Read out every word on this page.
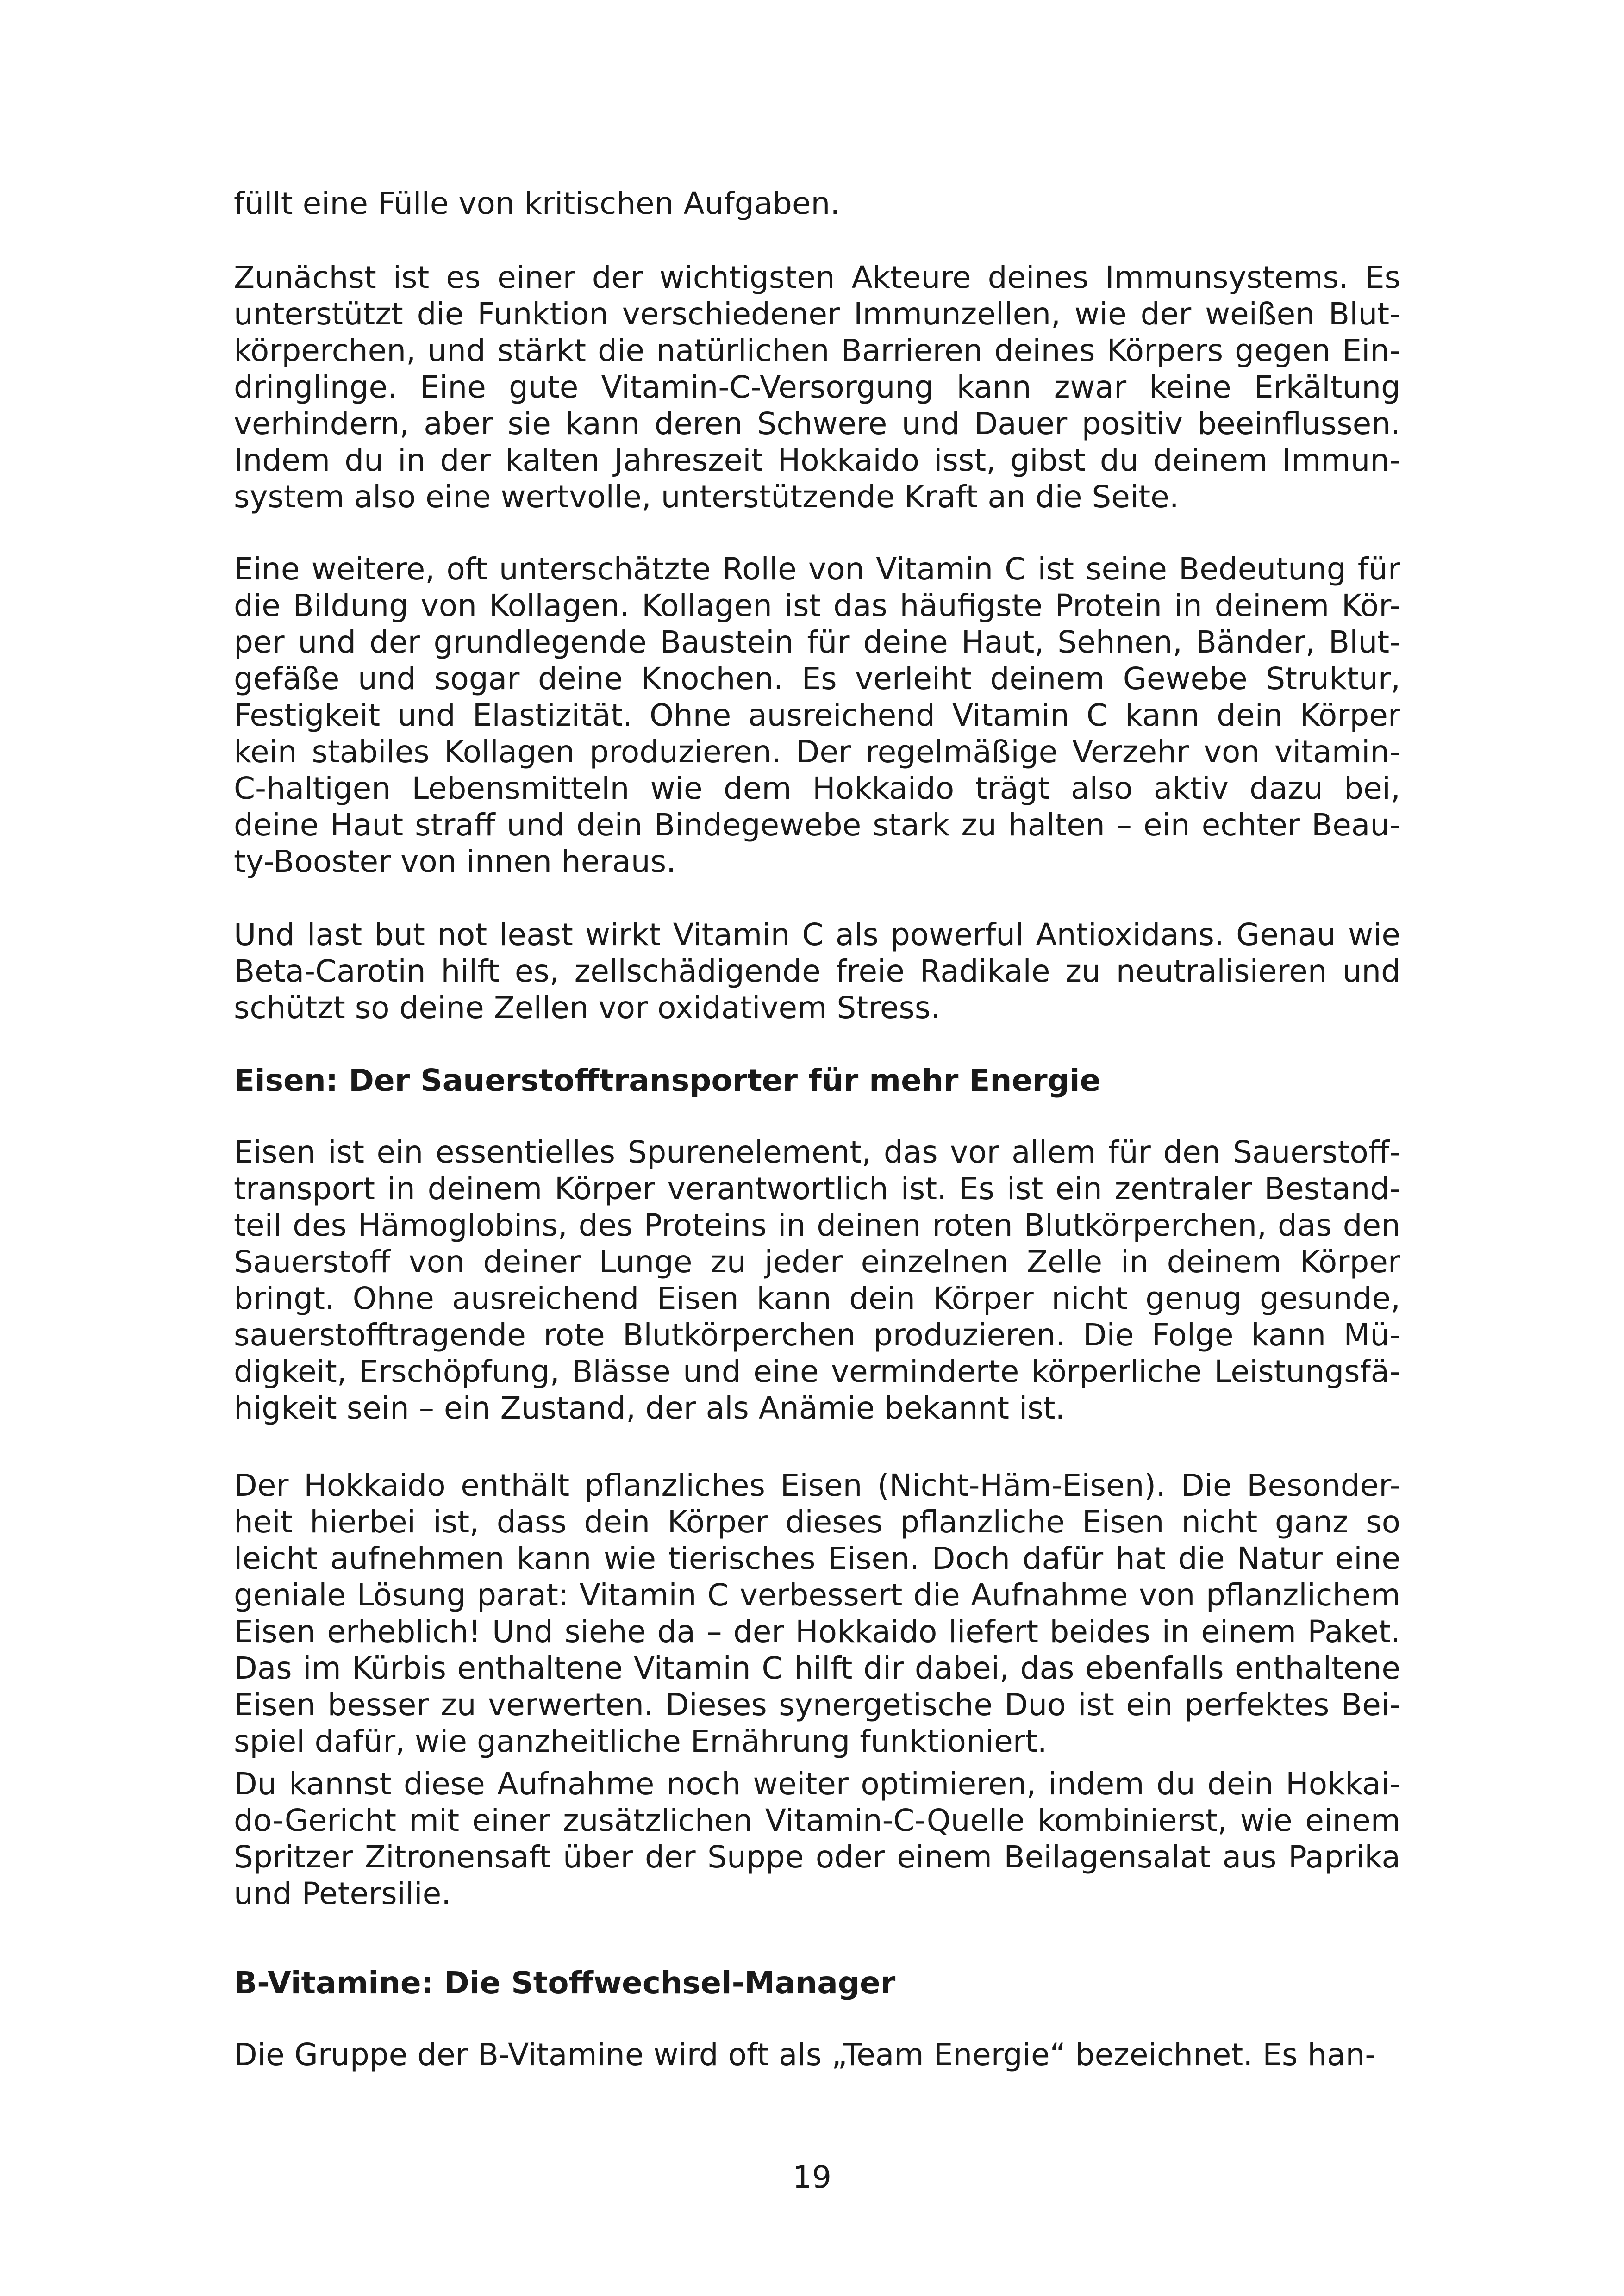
füllt eine Fülle von kritischen Aufgaben.
Zunächst ist es einer der wichtigsten Akteure deines Immunsystems. Es
unterstützt die Funktion verschiedener Immunzellen, wie der weißen Blut-
körperchen, und stärkt die natürlichen Barrieren deines Körpers gegen Ein-
dringlinge. Eine gute Vitamin-C-Versorgung kann zwar keine Erkältung
verhindern, aber sie kann deren Schwere und Dauer positiv beeinflussen.
Indem du in der kalten Jahreszeit Hokkaido isst, gibst du deinem Immun-
system also eine wertvolle, unterstützende Kraft an die Seite.
Eine weitere, oft unterschätzte Rolle von Vitamin C ist seine Bedeutung für
die Bildung von Kollagen. Kollagen ist das häufigste Protein in deinem Kör-
per und der grundlegende Baustein für deine Haut, Sehnen, Bänder, Blut-
gefäße und sogar deine Knochen. Es verleiht deinem Gewebe Struktur,
Festigkeit und Elastizität. Ohne ausreichend Vitamin C kann dein Körper
kein stabiles Kollagen produzieren. Der regelmäßige Verzehr von vitamin-
C-haltigen Lebensmitteln wie dem Hokkaido trägt also aktiv dazu bei,
deine Haut straff und dein Bindegewebe stark zu halten – ein echter Beau-
ty-Booster von innen heraus.
Und last but not least wirkt Vitamin C als powerful Antioxidans. Genau wie
Beta-Carotin hilft es, zellschädigende freie Radikale zu neutralisieren und
schützt so deine Zellen vor oxidativem Stress.
Eisen: Der Sauerstofftransporter für mehr Energie
Eisen ist ein essentielles Spurenelement, das vor allem für den Sauerstoff-
transport in deinem Körper verantwortlich ist. Es ist ein zentraler Bestand-
teil des Hämoglobins, des Proteins in deinen roten Blutkörperchen, das den
Sauerstoff von deiner Lunge zu jeder einzelnen Zelle in deinem Körper
bringt. Ohne ausreichend Eisen kann dein Körper nicht genug gesunde,
sauerstofftragende rote Blutkörperchen produzieren. Die Folge kann Mü-
digkeit, Erschöpfung, Blässe und eine verminderte körperliche Leistungsfä-
higkeit sein – ein Zustand, der als Anämie bekannt ist.
Der Hokkaido enthält pflanzliches Eisen (Nicht-Häm-Eisen). Die Besonder-
heit hierbei ist, dass dein Körper dieses pflanzliche Eisen nicht ganz so
leicht aufnehmen kann wie tierisches Eisen. Doch dafür hat die Natur eine
geniale Lösung parat: Vitamin C verbessert die Aufnahme von pflanzlichem
Eisen erheblich! Und siehe da – der Hokkaido liefert beides in einem Paket.
Das im Kürbis enthaltene Vitamin C hilft dir dabei, das ebenfalls enthaltene
Eisen besser zu verwerten. Dieses synergetische Duo ist ein perfektes Bei-
spiel dafür, wie ganzheitliche Ernährung funktioniert.
Du kannst diese Aufnahme noch weiter optimieren, indem du dein Hokkai-
do-Gericht mit einer zusätzlichen Vitamin-C-Quelle kombinierst, wie einem
Spritzer Zitronensaft über der Suppe oder einem Beilagensalat aus Paprika
und Petersilie.
B-Vitamine: Die Stoffwechsel-Manager
Die Gruppe der B-Vitamine wird oft als „Team Energie“ bezeichnet. Es han-
19
